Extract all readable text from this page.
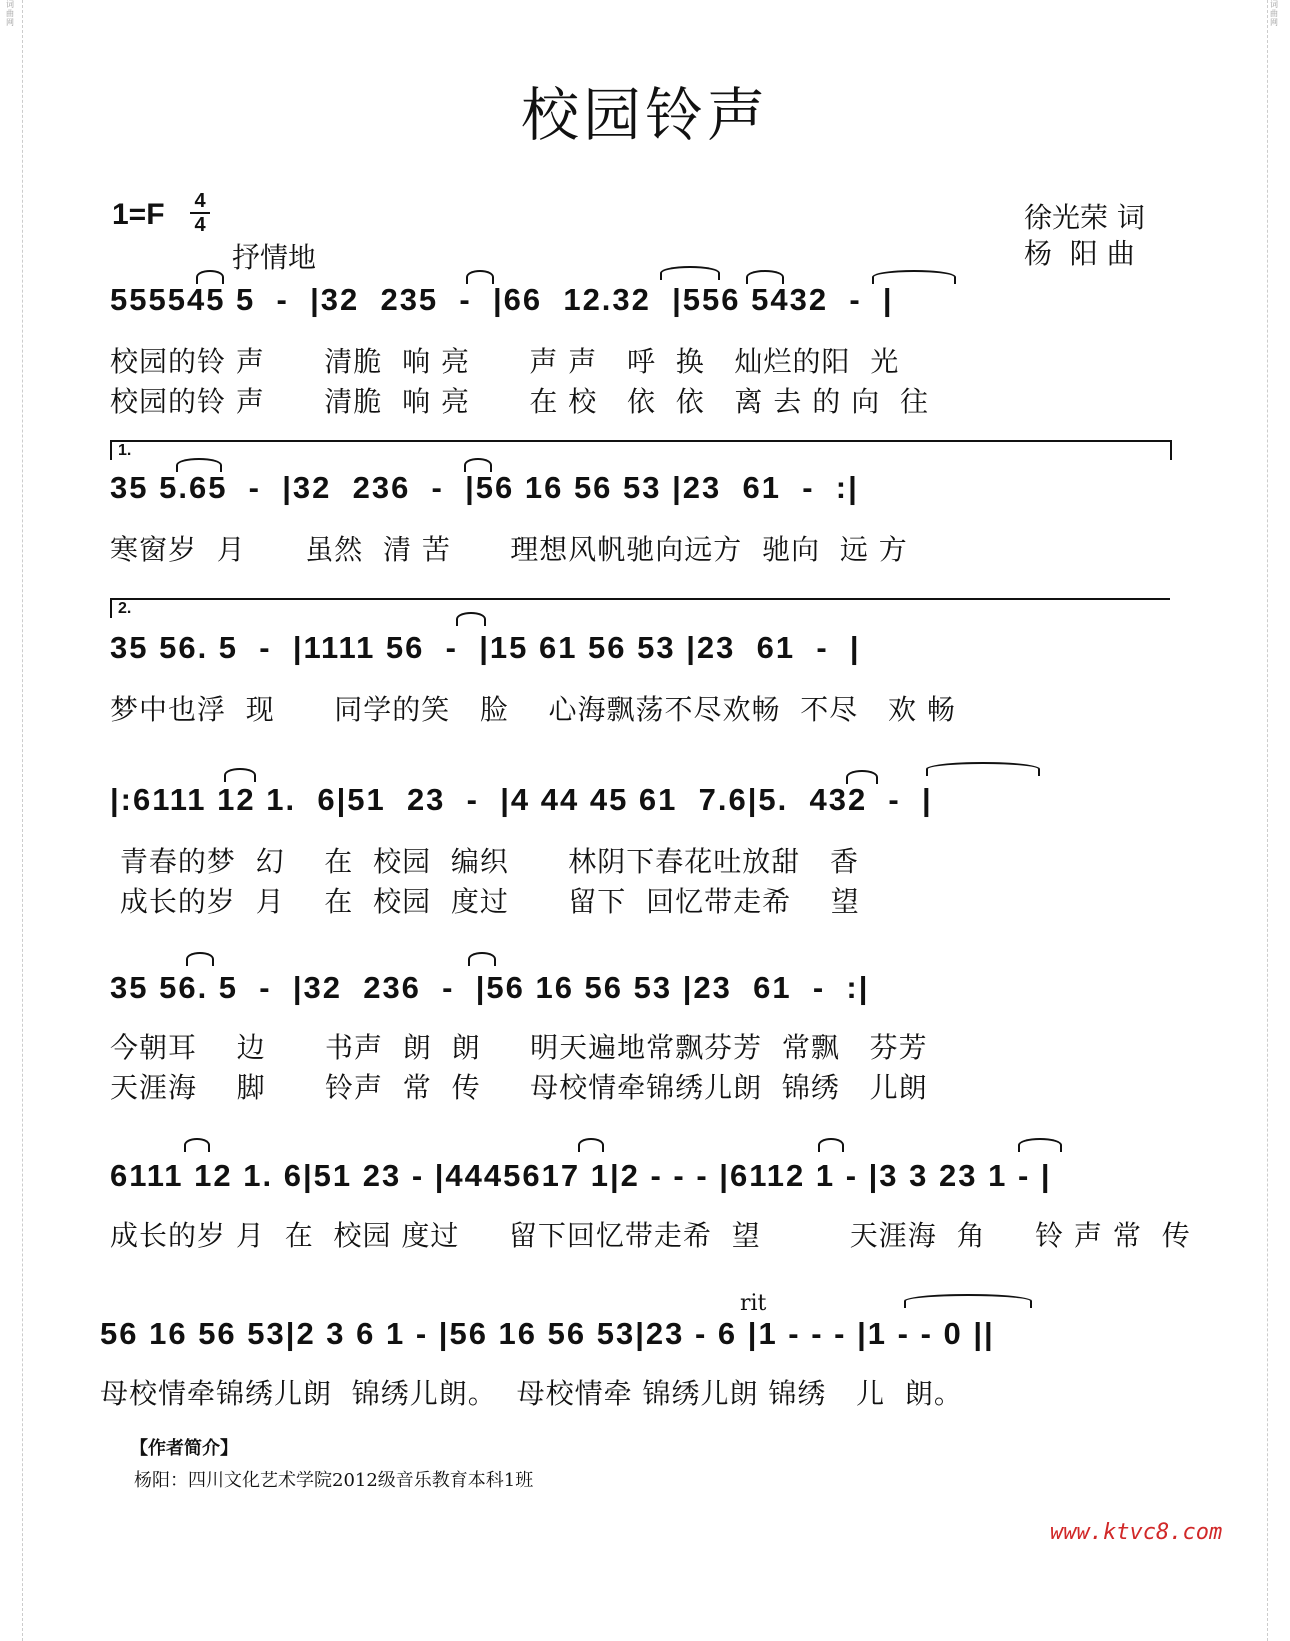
词曲网
词曲网
校园铃声
1=F 4
4
抒情地
徐光荣 词
杨  阳 曲
555545 5  -  |32  235  -  |66  12.32  |556 5432  -  |
校园的铃 声      清脆  响 亮      声 声   呼  换   灿烂的阳  光
校园的铃 声      清脆  响 亮      在 校   依  依   离 去 的 向  往
1.
35 5.65  -  |32  236  -  |56 16 56 53 |23  61  -  :|
寒窗岁  月      虽然  清 苦      理想风帆驰向远方  驰向  远 方
2.
35 56. 5  -  |1111 56  -  |15 61 56 53 |23  61  -  |
梦中也浮  现      同学的笑   脸    心海飘荡不尽欢畅  不尽   欢 畅
|:6111 12 1.  6|51  23  -  |4 44 45 61  7.6|5.  432  -  |
青春的梦  幻    在  校园  编织      林阴下春花吐放甜   香
成长的岁  月    在  校园  度过      留下  回忆带走希    望
35 56. 5  -  |32  236  -  |56 16 56 53 |23  61  -  :|
今朝耳    边      书声  朗  朗     明天遍地常飘芬芳  常飘   芬芳
天涯海    脚      铃声  常  传     母校情牵锦绣儿朗  锦绣   儿朗
6111 12 1. 6|51 23 - |4445617 1|2 - - - |6112 1 - |3 3 23 1 - |
成长的岁 月  在  校园 度过     留下回忆带走希  望         天涯海  角     铃 声 常  传
rit
56 16 56 53|2 3 6 1 - |56 16 56 53|23 - 6 |1 - - - |1 - - 0 ||
母校情牵锦绣儿朗  锦绣儿朗。  母校情牵 锦绣儿朗 锦绣   儿  朗。
【作者简介】
杨阳：四川文化艺术学院2012级音乐教育本科1班
www.ktvc8.com
